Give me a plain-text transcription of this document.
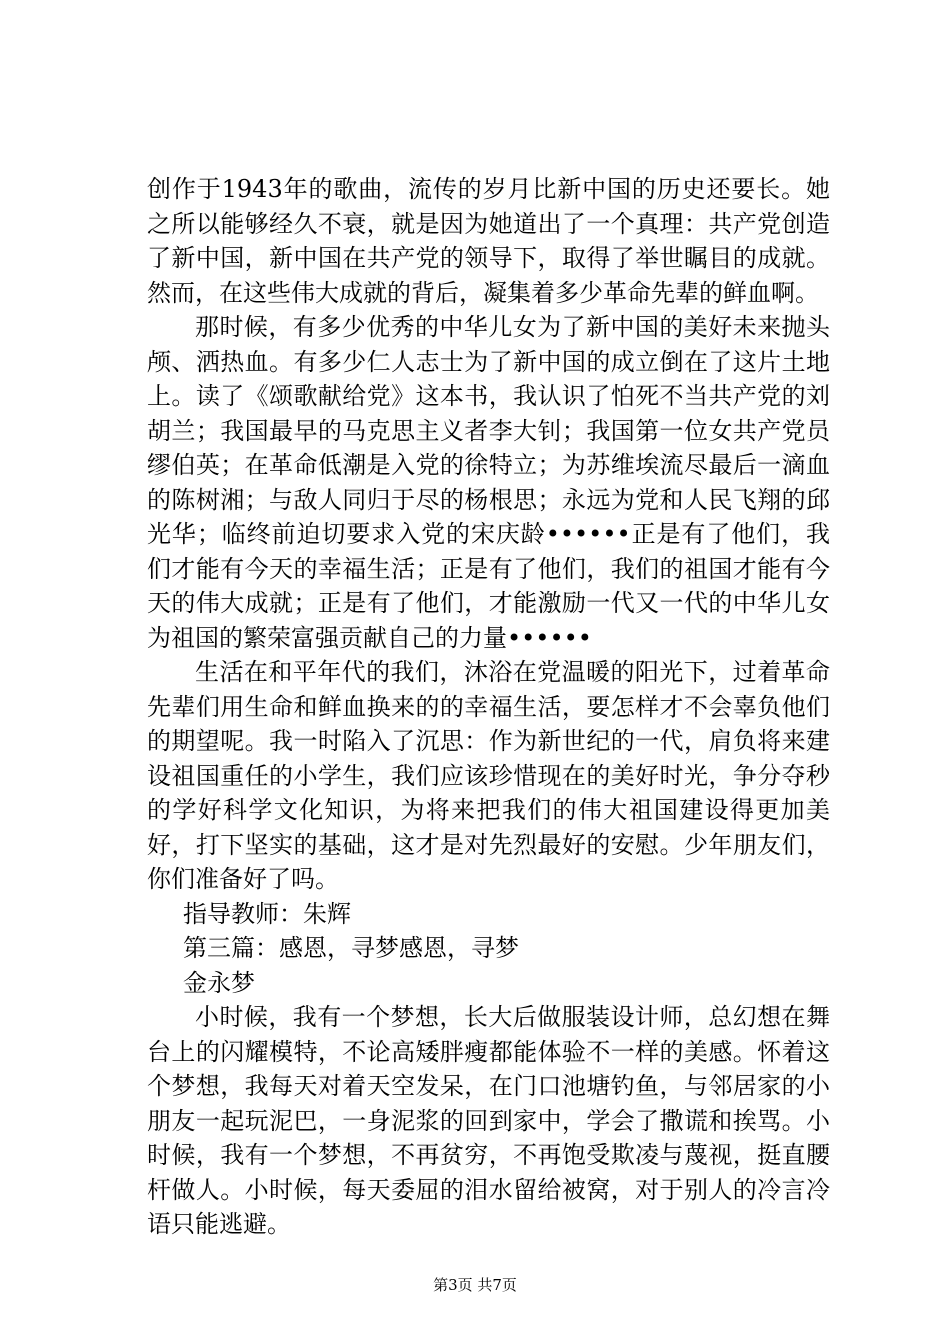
创作于1943年的歌曲，流传的岁月比新中国的历史还要长。她之所以能够经久不衰，就是因为她道出了一个真理：共产党创造了新中国，新中国在共产党的领导下，取得了举世瞩目的成就。然而，在这些伟大成就的背后，凝集着多少革命先辈的鲜血啊。

那时候，有多少优秀的中华儿女为了新中国的美好未来抛头颅、洒热血。有多少仁人志士为了新中国的成立倒在了这片土地上。读了《颂歌献给党》这本书，我认识了怕死不当共产党的刘胡兰；我国最早的马克思主义者李大钊；我国第一位女共产党员缪伯英；在革命低潮是入党的徐特立；为苏维埃流尽最后一滴血的陈树湘；与敌人同归于尽的杨根思；永远为党和人民飞翔的邱光华；临终前迫切要求入党的宋庆龄••••••正是有了他们，我们才能有今天的幸福生活；正是有了他们，我们的祖国才能有今天的伟大成就；正是有了他们，才能激励一代又一代的中华儿女为祖国的繁荣富强贡献自己的力量••••••

生活在和平年代的我们，沐浴在党温暖的阳光下，过着革命先辈们用生命和鲜血换来的的幸福生活，要怎样才不会辜负他们的期望呢。我一时陷入了沉思：作为新世纪的一代，肩负将来建设祖国重任的小学生，我们应该珍惜现在的美好时光，争分夺秒的学好科学文化知识，为将来把我们的伟大祖国建设得更加美好，打下坚实的基础，这才是对先烈最好的安慰。少年朋友们，你们准备好了吗。

指导教师：朱辉

第三篇：感恩，寻梦感恩，寻梦

金永梦

小时候，我有一个梦想，长大后做服装设计师，总幻想在舞台上的闪耀模特，不论高矮胖瘦都能体验不一样的美感。怀着这个梦想，我每天对着天空发呆，在门口池塘钓鱼，与邻居家的小朋友一起玩泥巴，一身泥浆的回到家中，学会了撒谎和挨骂。小时候，我有一个梦想，不再贫穷，不再饱受欺凌与蔑视，挺直腰杆做人。小时候，每天委屈的泪水留给被窝，对于别人的冷言冷语只能逃避。

第3页 共7页
